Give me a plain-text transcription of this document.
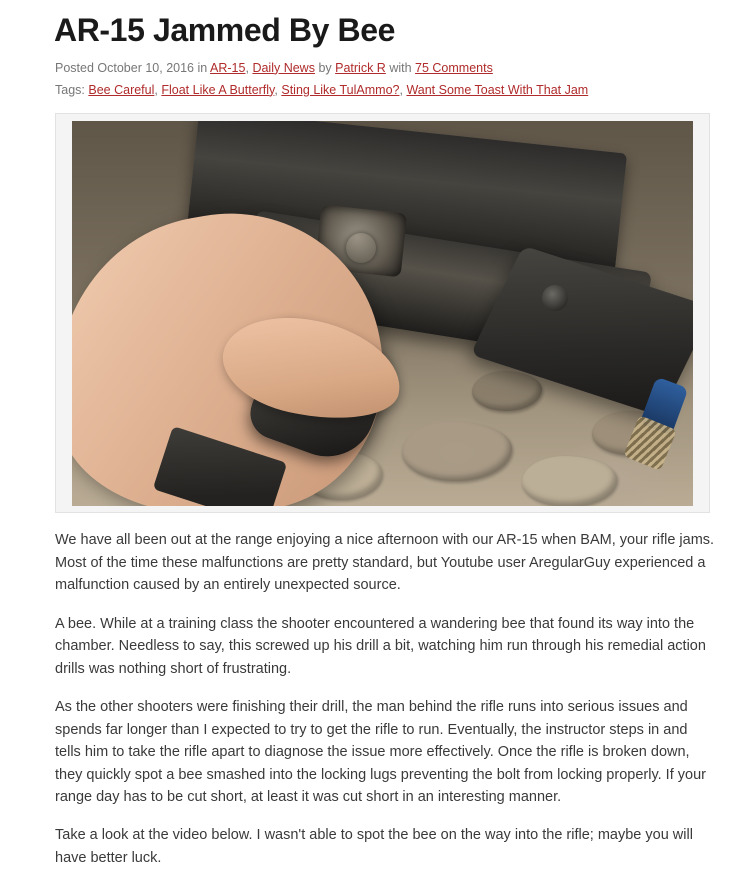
AR-15 Jammed By Bee
Posted October 10, 2016 in AR-15, Daily News by Patrick R with 75 Comments
Tags: Bee Careful, Float Like A Butterfly, Sting Like TulAmmo?, Want Some Toast With That Jam

We have all been out at the range enjoying a nice afternoon with our AR-15 when BAM, your rifle jams. Most of the time these malfunctions are pretty standard, but Youtube user AregularGuy experienced a malfunction caused by an entirely unexpected source.

A bee. While at a training class the shooter encountered a wandering bee that found its way into the chamber. Needless to say, this screwed up his drill a bit, watching him run through his remedial action drills was nothing short of frustrating.

As the other shooters were finishing their drill, the man behind the rifle runs into serious issues and spends far longer than I expected to try to get the rifle to run. Eventually, the instructor steps in and tells him to take the rifle apart to diagnose the issue more effectively. Once the rifle is broken down, they quickly spot a bee smashed into the locking lugs preventing the bolt from locking properly. If your range day has to be cut short, at least it was cut short in an interesting manner.

Take a look at the video below. I wasn't able to spot the bee on the way into the rifle; maybe you will have better luck.
